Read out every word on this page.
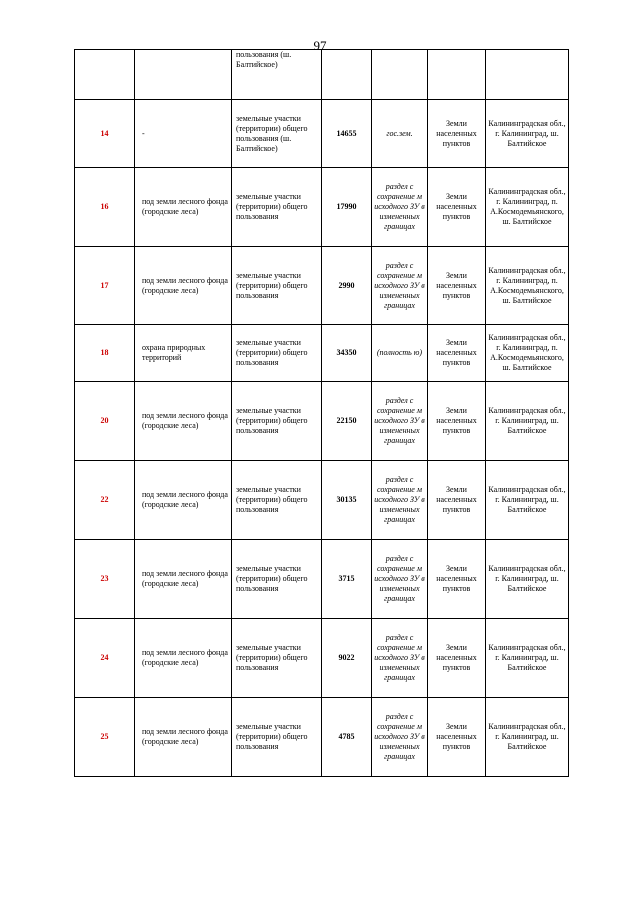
97
		пользования (ш. Балтийское)				
14	-	земельные участки (территории) общего пользования (ш. Балтийское)	14655	гос.зем.	Земли населенных пунктов	Калининградская обл., г. Калининград, ш. Балтийское
16	под земли лесного фонда (городские леса)	земельные участки (территории) общего пользования	17990	раздел с сохранение м исходного ЗУ в измененных границах	Земли населенных пунктов	Калининградская обл., г. Калининград, п. А.Космодемьянского, ш. Балтийское
17	под земли лесного фонда (городские леса)	земельные участки (территории) общего пользования	2990	раздел с сохранение м исходного ЗУ в измененных границах	Земли населенных пунктов	Калининградская обл., г. Калининград, п. А.Космодемьянского, ш. Балтийское
18	охрана природных территорий	земельные участки (территории) общего пользования	34350	(полность ю)	Земли населенных пунктов	Калининградская обл., г. Калининград, п. А.Космодемьянского, ш. Балтийское
20	под земли лесного фонда (городские леса)	земельные участки (территории) общего пользования	22150	раздел с сохранение м исходного ЗУ в измененных границах	Земли населенных пунктов	Калининградская обл., г. Калининград, ш. Балтийское
22	под земли лесного фонда (городские леса)	земельные участки (территории) общего пользования	30135	раздел с сохранение м исходного ЗУ в измененных границах	Земли населенных пунктов	Калининградская обл., г. Калининград, ш. Балтийское
23	под земли лесного фонда (городские леса)	земельные участки (территории) общего пользования	3715	раздел с сохранение м исходного ЗУ в измененных границах	Земли населенных пунктов	Калининградская обл., г. Калининград, ш. Балтийское
24	под земли лесного фонда (городские леса)	земельные участки (территории) общего пользования	9022	раздел с сохранение м исходного ЗУ в измененных границах	Земли населенных пунктов	Калининградская обл., г. Калининград, ш. Балтийское
25	под земли лесного фонда (городские леса)	земельные участки (территории) общего пользования	4785	раздел с сохранение м исходного ЗУ в измененных границах	Земли населенных пунктов	Калининградская обл., г. Калининград, ш. Балтийское
